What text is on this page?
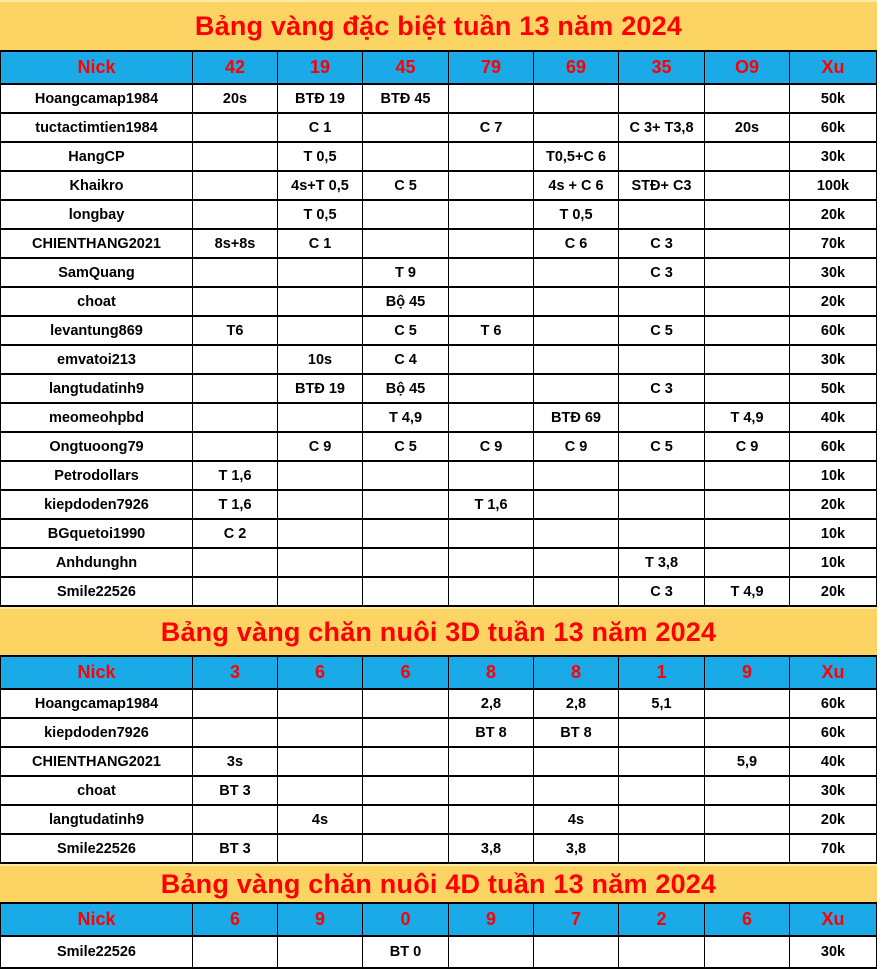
Bảng vàng đặc biệt tuần 13 năm 2024
Nick	42	19	45	79	69	35	O9	Xu
Hoangcamap1984	20s	BTĐ 19	BTĐ 45					50k
tuctactimtien1984		C 1		C 7		C 3+ T3,8	20s	60k
HangCP		T 0,5			T0,5+C 6			30k
Khaikro		4s+T 0,5	C 5		4s + C 6	STĐ+ C3		100k
longbay		T 0,5			T 0,5			20k
CHIENTHANG2021	8s+8s	C 1			C 6	C 3		70k
SamQuang			T 9			C 3		30k
choat			Bộ 45					20k
levantung869	T6		C 5	T 6		C 5		60k
emvatoi213		10s	C 4					30k
langtudatinh9		BTĐ 19	Bộ 45			C 3		50k
meomeohpbd			T 4,9		BTĐ 69		T 4,9	40k
Ongtuoong79		C 9	C 5	C 9	C 9	C 5	C 9	60k
Petrodollars	T 1,6							10k
kiepdoden7926	T 1,6			T 1,6				20k
BGquetoi1990	C 2							10k
Anhdunghn						T 3,8		10k
Smile22526						C 3	T 4,9	20k
Bảng vàng chăn nuôi 3D tuần 13 năm 2024
Nick	3	6	6	8	8	1	9	Xu
Hoangcamap1984				2,8	2,8	5,1		60k
kiepdoden7926				BT 8	BT 8			60k
CHIENTHANG2021	3s						5,9	40k
choat	BT 3							30k
langtudatinh9		4s			4s			20k
Smile22526	BT 3			3,8	3,8			70k
Bảng vàng chăn nuôi 4D tuần 13 năm 2024
Nick	6	9	0	9	7	2	6	Xu
Smile22526			BT 0					30k
